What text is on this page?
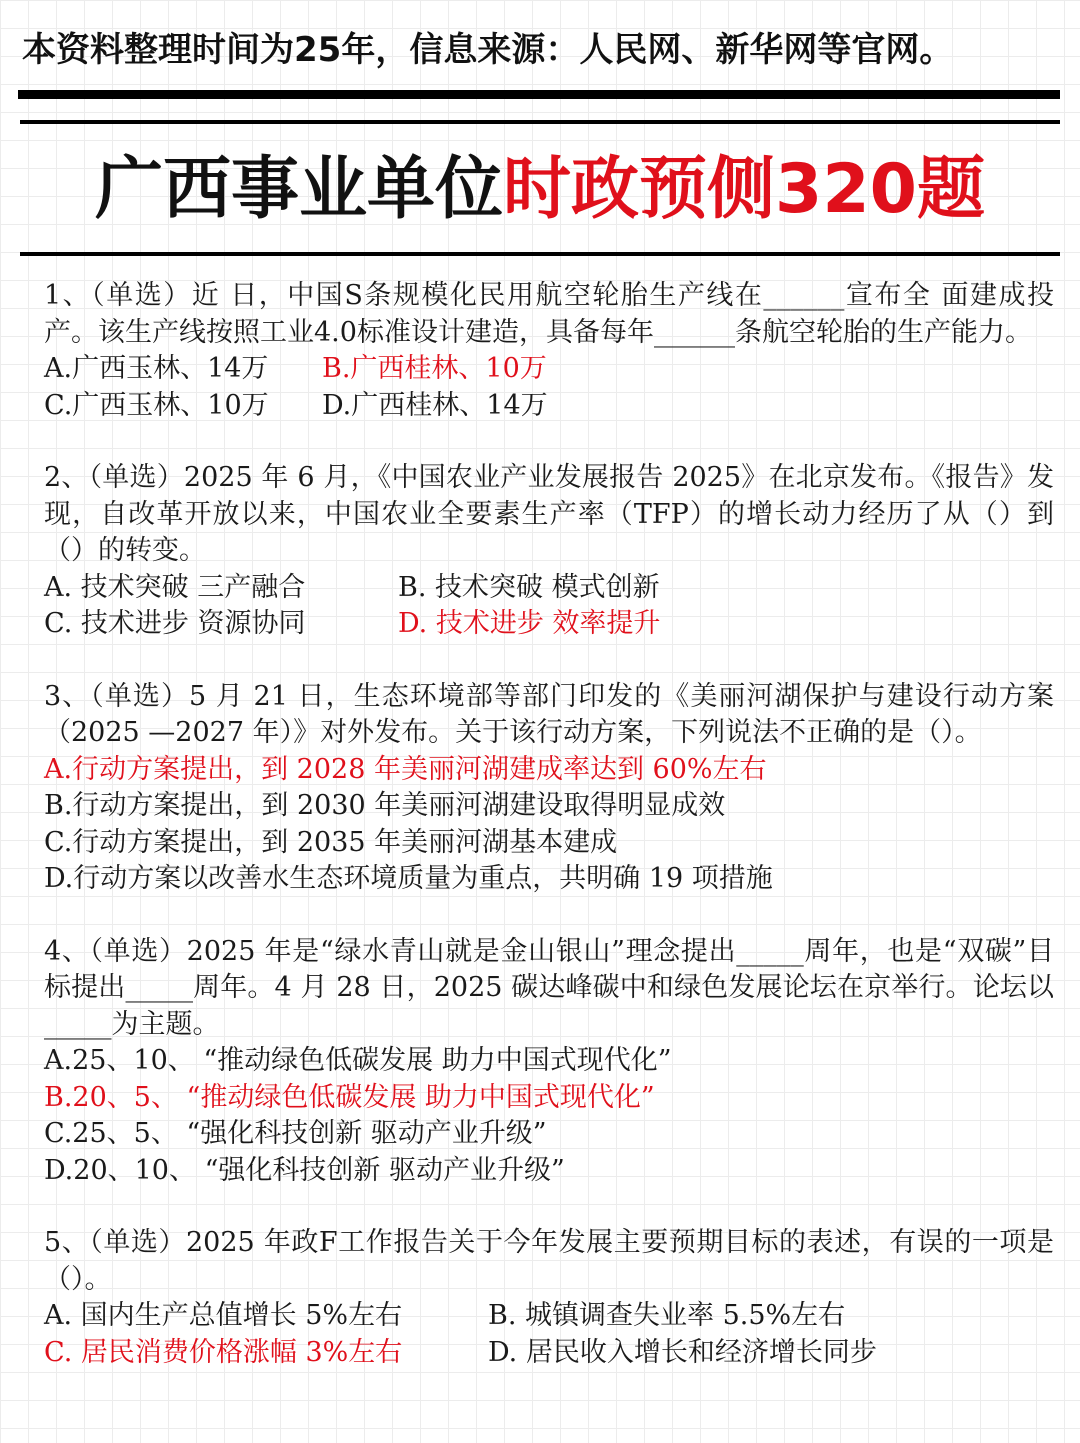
本资料整理时间为25年，信息来源：人民网、新华网等官网。
广西事业单位时政预侧320题
1、（单选）近 日，中国S条规模化民用航空轮胎生产线在______宣布全 面建成投产。该生产线按照工业4.0标准设计建造，具备每年______条航空轮胎的生产能力。
A.广西玉林、14万	B.广西桂林、10万
C.广西玉林、10万	D.广西桂林、14万
2、（单选）2025 年 6 月，《中国农业产业发展报告 2025》在北京发布。《报告》发现，自改革开放以来，中国农业全要素生产率（TFP）的增长动力经历了从（）到（）的转变。
A. 技术突破 三产融合	B. 技术突破 模式创新
C. 技术进步 资源协同	D. 技术进步 效率提升
3、（单选）5 月 21 日，生态环境部等部门印发的《美丽河湖保护与建设行动方案（2025 —2027 年）》对外发布。关于该行动方案，下列说法不正确的是（）。
A.行动方案提出，到 2028 年美丽河湖建成率达到 60%左右
B.行动方案提出，到 2030 年美丽河湖建设取得明显成效
C.行动方案提出，到 2035 年美丽河湖基本建成
D.行动方案以改善水生态环境质量为重点，共明确 19 项措施
4、（单选）2025 年是“绿水青山就是金山银山”理念提出_____周年，也是“双碳”目标提出_____周年。4 月 28 日，2025 碳达峰碳中和绿色发展论坛在京举行。论坛以_____为主题。
A.25、10、 “推动绿色低碳发展 助力中国式现代化”
B.20、5、 “推动绿色低碳发展 助力中国式现代化”
C.25、5、 “强化科技创新 驱动产业升级”
D.20、10、 “强化科技创新 驱动产业升级”
5、（单选）2025 年政F工作报告关于今年发展主要预期目标的表述，有误的一项是（）。
A. 国内生产总值增长 5%左右	B. 城镇调查失业率 5.5%左右
C. 居民消费价格涨幅 3%左右	D. 居民收入增长和经济增长同步
